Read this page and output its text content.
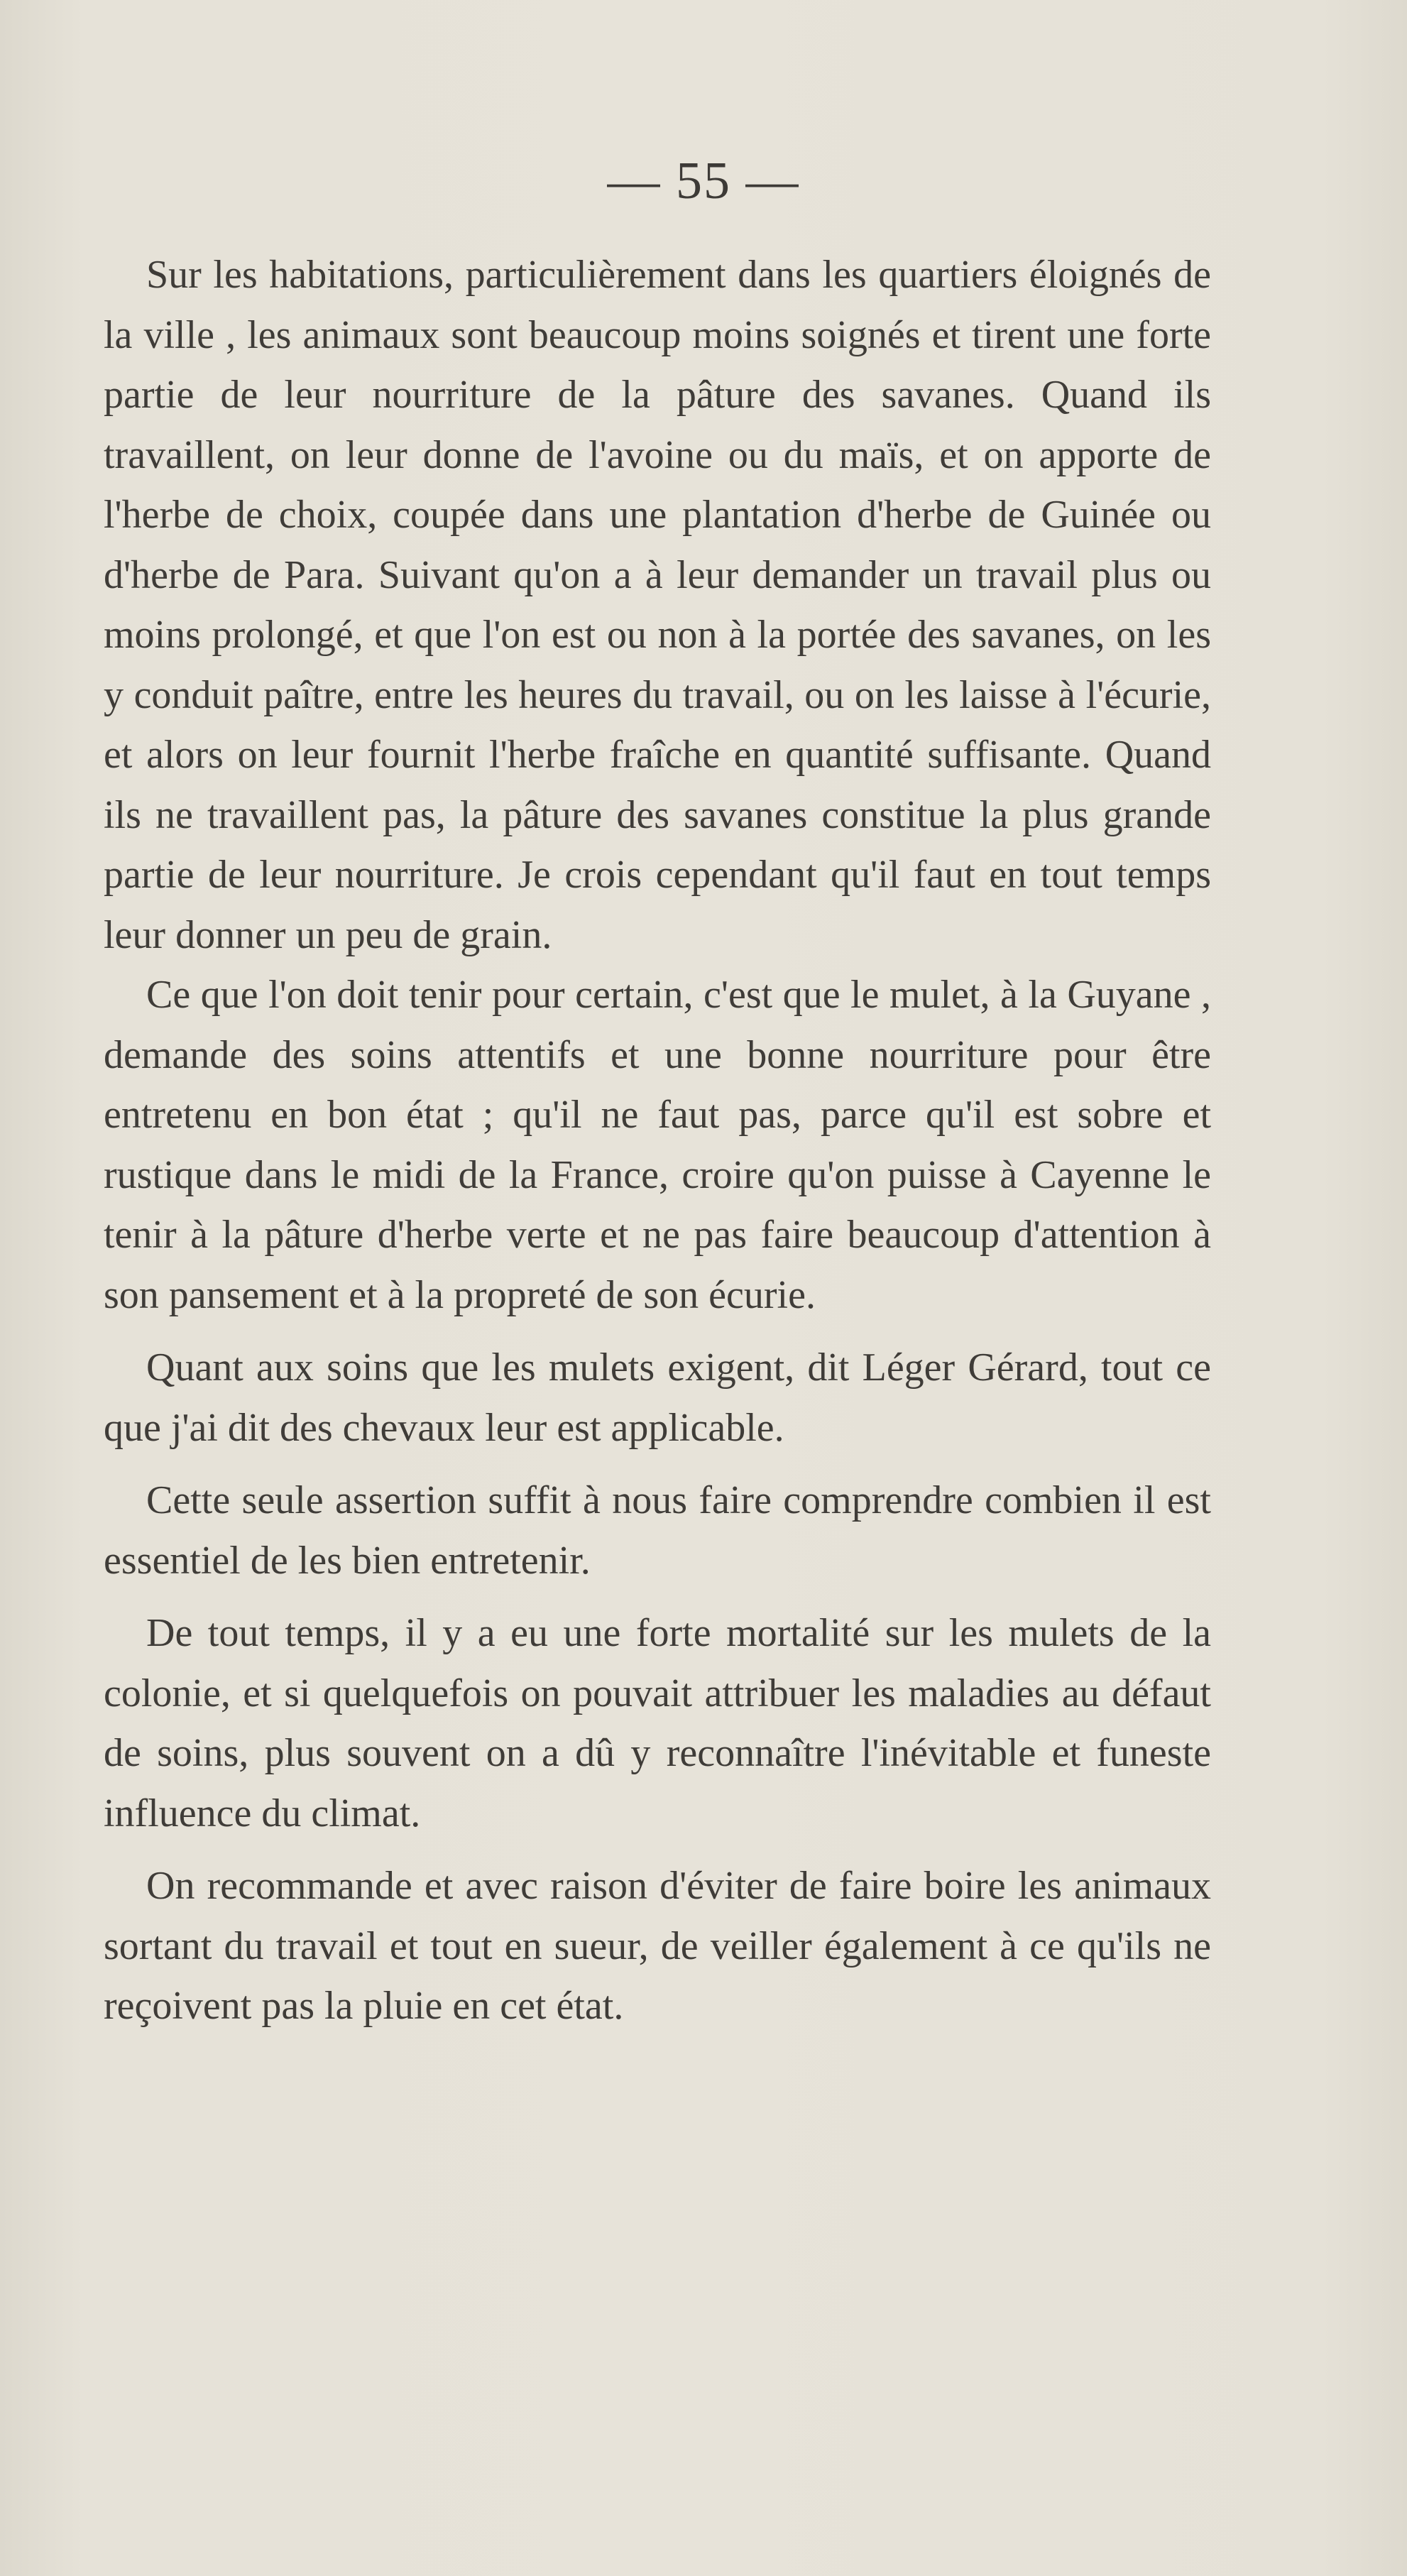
— 55 —

Sur les habitations, particulièrement dans les quartiers éloignés de la ville , les animaux sont beaucoup moins soignés et tirent une forte partie de leur nourriture de la pâture des savanes. Quand ils travaillent, on leur donne de l'avoine ou du maïs, et on apporte de l'herbe de choix, coupée dans une plantation d'herbe de Guinée ou d'herbe de Para. Suivant qu'on a à leur demander un travail plus ou moins prolongé, et que l'on est ou non à la portée des savanes, on les y conduit paître, entre les heures du travail, ou on les laisse à l'écurie, et alors on leur fournit l'herbe fraîche en quantité suffisante. Quand ils ne travaillent pas, la pâture des savanes constitue la plus grande partie de leur nourriture. Je crois cependant qu'il faut en tout temps leur donner un peu de grain.

Ce que l'on doit tenir pour certain, c'est que le mulet, à la Guyane , demande des soins attentifs et une bonne nourriture pour être entretenu en bon état ; qu'il ne faut pas, parce qu'il est sobre et rustique dans le midi de la France, croire qu'on puisse à Cayenne le tenir à la pâture d'herbe verte et ne pas faire beaucoup d'attention à son pansement et à la propreté de son écurie.

Quant aux soins que les mulets exigent, dit Léger Gérard, tout ce que j'ai dit des chevaux leur est applicable.

Cette seule assertion suffit à nous faire comprendre combien il est essentiel de les bien entretenir.

De tout temps, il y a eu une forte mortalité sur les mulets de la colonie, et si quelquefois on pouvait attribuer les maladies au défaut de soins, plus souvent on a dû y reconnaître l'inévitable et funeste influence du climat.

On recommande et avec raison d'éviter de faire boire les animaux sortant du travail et tout en sueur, de veiller également à ce qu'ils ne reçoivent pas la pluie en cet état.
